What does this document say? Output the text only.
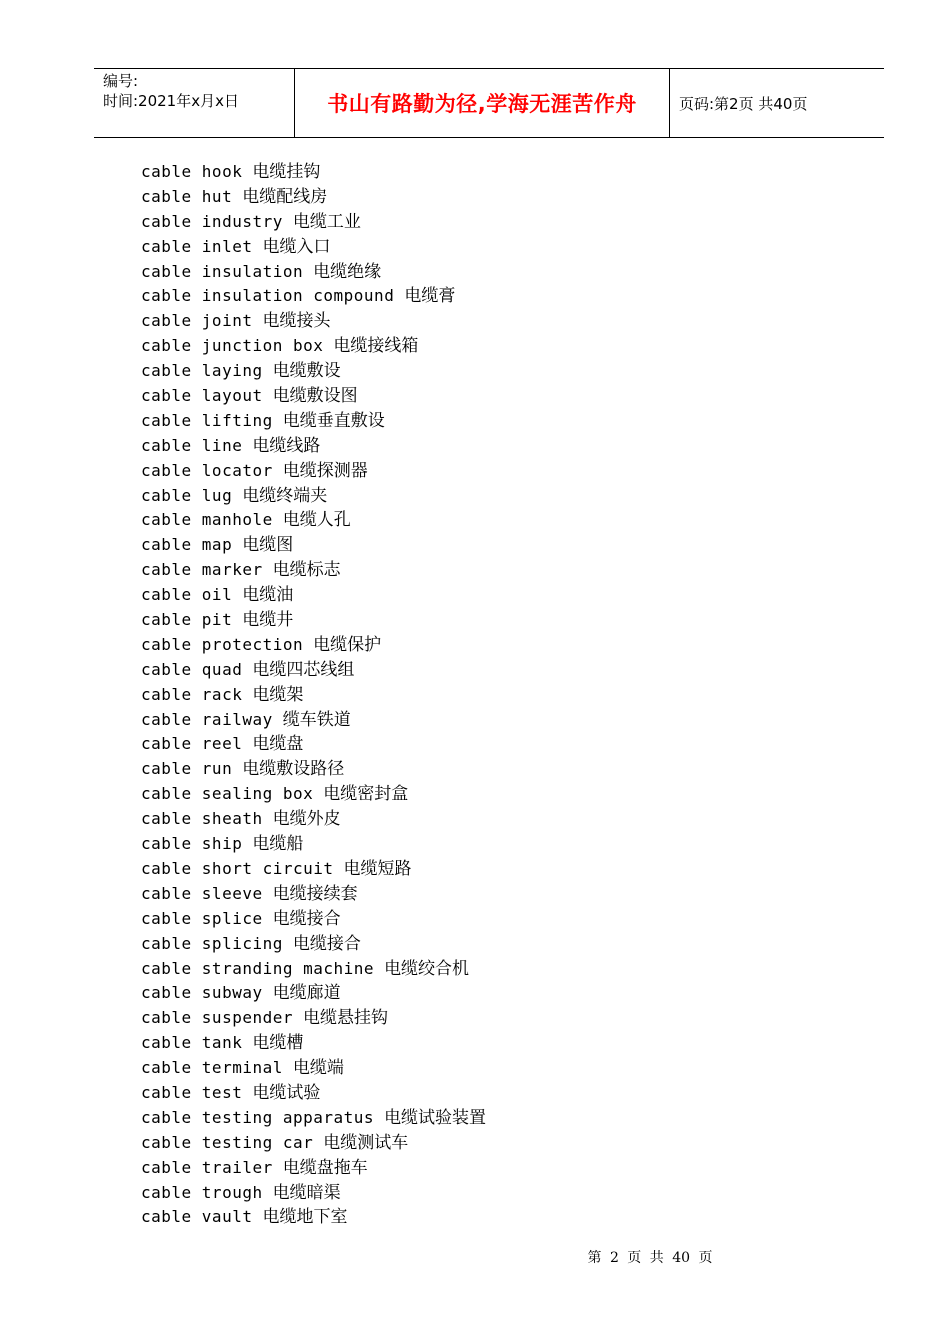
编号:
时间:2021年x月x日	书山有路勤为径,学海无涯苦作舟	页码:第2页 共40页
cable hook 电缆挂钩
cable hut 电缆配线房
cable industry 电缆工业
cable inlet 电缆入口
cable insulation 电缆绝缘
cable insulation compound 电缆膏
cable joint 电缆接头
cable junction box 电缆接线箱
cable laying 电缆敷设
cable layout 电缆敷设图
cable lifting 电缆垂直敷设
cable line 电缆线路
cable locator 电缆探测器
cable lug 电缆终端夹
cable manhole 电缆人孔
cable map 电缆图
cable marker 电缆标志
cable oil 电缆油
cable pit 电缆井
cable protection 电缆保护
cable quad 电缆四芯线组
cable rack 电缆架
cable railway 缆车铁道
cable reel 电缆盘
cable run 电缆敷设路径
cable sealing box 电缆密封盒
cable sheath 电缆外皮
cable ship 电缆船
cable short circuit 电缆短路
cable sleeve 电缆接续套
cable splice 电缆接合
cable splicing 电缆接合
cable stranding machine 电缆绞合机
cable subway 电缆廊道
cable suspender 电缆悬挂钩
cable tank 电缆槽
cable terminal 电缆端
cable test 电缆试验
cable testing apparatus 电缆试验装置
cable testing car 电缆测试车
cable trailer 电缆盘拖车
cable trough 电缆暗渠
cable vault 电缆地下室
第 2 页 共 40 页
